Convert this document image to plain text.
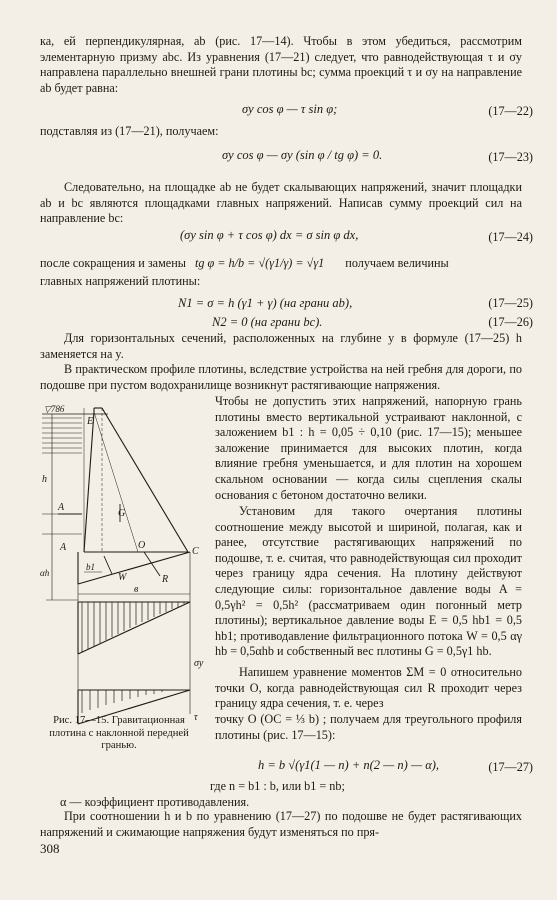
ка, ей перпендикулярная, ab (рис. 17—14). Чтобы в этом убедиться, рассмотрим элементарную призму abc. Из уравнения (17—21) следует, что равнодействующая τ и σy направлена параллельно внешней грани плотины bc; сумма проекций τ и σy на направление ab будет равна:

σy cos φ — τ sin φ;	(17—22)

подставляя из (17—21), получаем:

σy cos φ — σy (sin φ / tg φ) = 0.	(17—23)

Следовательно, на площадке ab не будет скалывающих напряжений, значит площадки ab и bc являются площадками главных напряжений. Написав сумму проекций сил на направление bc:

(σy sin φ + τ cos φ) dx = σ sin φ dx,	(17—24)
после сокращения и замены tg φ = h/b = √(γ1/γ) = √γ1 получаем величины

главных напряжений плотины:

N1 = σ = h (γ1 + γ) (на грани ab),	(17—25)
N2 = 0 (на грани bc).	(17—26)

Для горизонтальных сечений, расположенных на глубине y в формуле (17—25) h заменяется на y.

В практическом профиле плотины, вследствие устройства на ней гребня для дороги, по подошве при пустом водохранилище возникнут растягивающие напряжения.

Чтобы не допустить этих напряжений, напорную грань плотины вместо вертикальной устраивают наклонной, с заложением b1 : h = 0,05 ÷ 0,10 (рис. 17—15); меньшее заложение принимается для высоких плотин, когда влияние гребня уменьшается, и для плотин на хорошем скальном основании — когда силы сцепления скалы основания с бетоном достаточно велики.

Установим для такого очертания плотины соотношение между высотой и шириной, полагая, как и ранее, отсутствие растягивающих напряжений по подошве, т. е. считая, что равнодействующая сил проходит через границу ядра сечения. На плотину действуют следующие силы: горизонтальное давление воды A = 0,5γh² = 0,5h² (рассматриваем один погонный метр плотины); вертикальное давление воды E = 0,5 hb1 = 0,5 hb1; противодавление фильтрационного потока W = 0,5 αγ hb = 0,5αhb и собственный вес плотины G = 0,5γ1 hb.

Напишем уравнение моментов ΣM = 0 относительно точки O, когда равнодействующая сил R проходит через границу ядра сечения, т. е. через

точку O (OC = ⅓ b) ; получаем для треугольного профиля плотины (рис. 17—15):

h = b √(γ1(1 — n) + n(2 — n) — α),	(17—27)

где n = b1 : b, или b1 = nb;

α — коэффициент противодавления.

При соотношении h и b по уравнению (17—27) по подошве не будет растягивающих напряжений и сжимающие напряжения будут изменяться по пря-

Рис. 17—15. Гравитационная плотина с наклонной передней гранью.
308
▽786
E
h
G
A
A	O
C
b1
W	R
αh
в
σy
τ
